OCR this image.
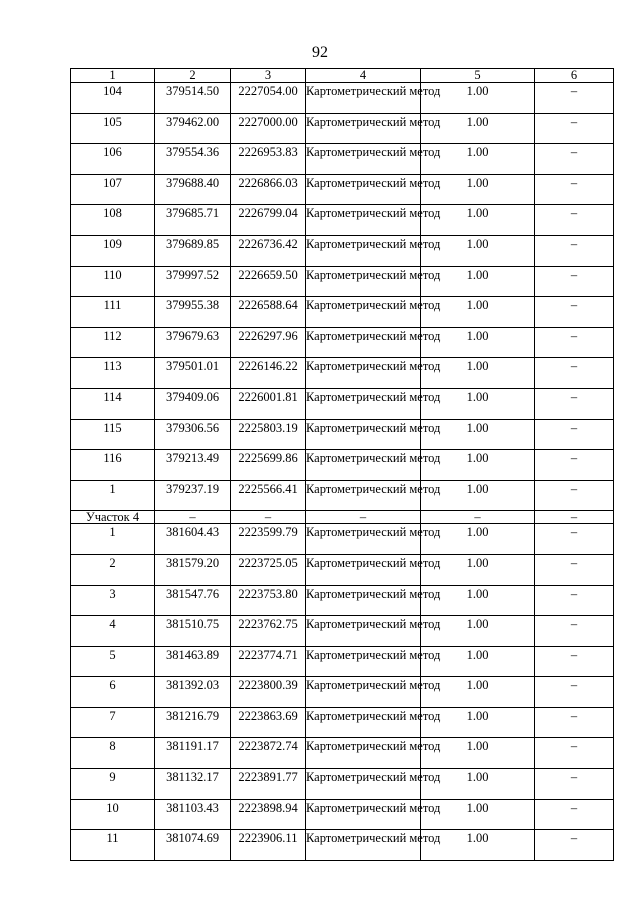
92
1	2	3	4	5	6
104	379514.50	2227054.00	Картометрический метод	1.00	–
105	379462.00	2227000.00	Картометрический метод	1.00	–
106	379554.36	2226953.83	Картометрический метод	1.00	–
107	379688.40	2226866.03	Картометрический метод	1.00	–
108	379685.71	2226799.04	Картометрический метод	1.00	–
109	379689.85	2226736.42	Картометрический метод	1.00	–
110	379997.52	2226659.50	Картометрический метод	1.00	–
111	379955.38	2226588.64	Картометрический метод	1.00	–
112	379679.63	2226297.96	Картометрический метод	1.00	–
113	379501.01	2226146.22	Картометрический метод	1.00	–
114	379409.06	2226001.81	Картометрический метод	1.00	–
115	379306.56	2225803.19	Картометрический метод	1.00	–
116	379213.49	2225699.86	Картометрический метод	1.00	–
1	379237.19	2225566.41	Картометрический метод	1.00	–
Участок 4	–	–	–	–	–
1	381604.43	2223599.79	Картометрический метод	1.00	–
2	381579.20	2223725.05	Картометрический метод	1.00	–
3	381547.76	2223753.80	Картометрический метод	1.00	–
4	381510.75	2223762.75	Картометрический метод	1.00	–
5	381463.89	2223774.71	Картометрический метод	1.00	–
6	381392.03	2223800.39	Картометрический метод	1.00	–
7	381216.79	2223863.69	Картометрический метод	1.00	–
8	381191.17	2223872.74	Картометрический метод	1.00	–
9	381132.17	2223891.77	Картометрический метод	1.00	–
10	381103.43	2223898.94	Картометрический метод	1.00	–
11	381074.69	2223906.11	Картометрический метод	1.00	–
